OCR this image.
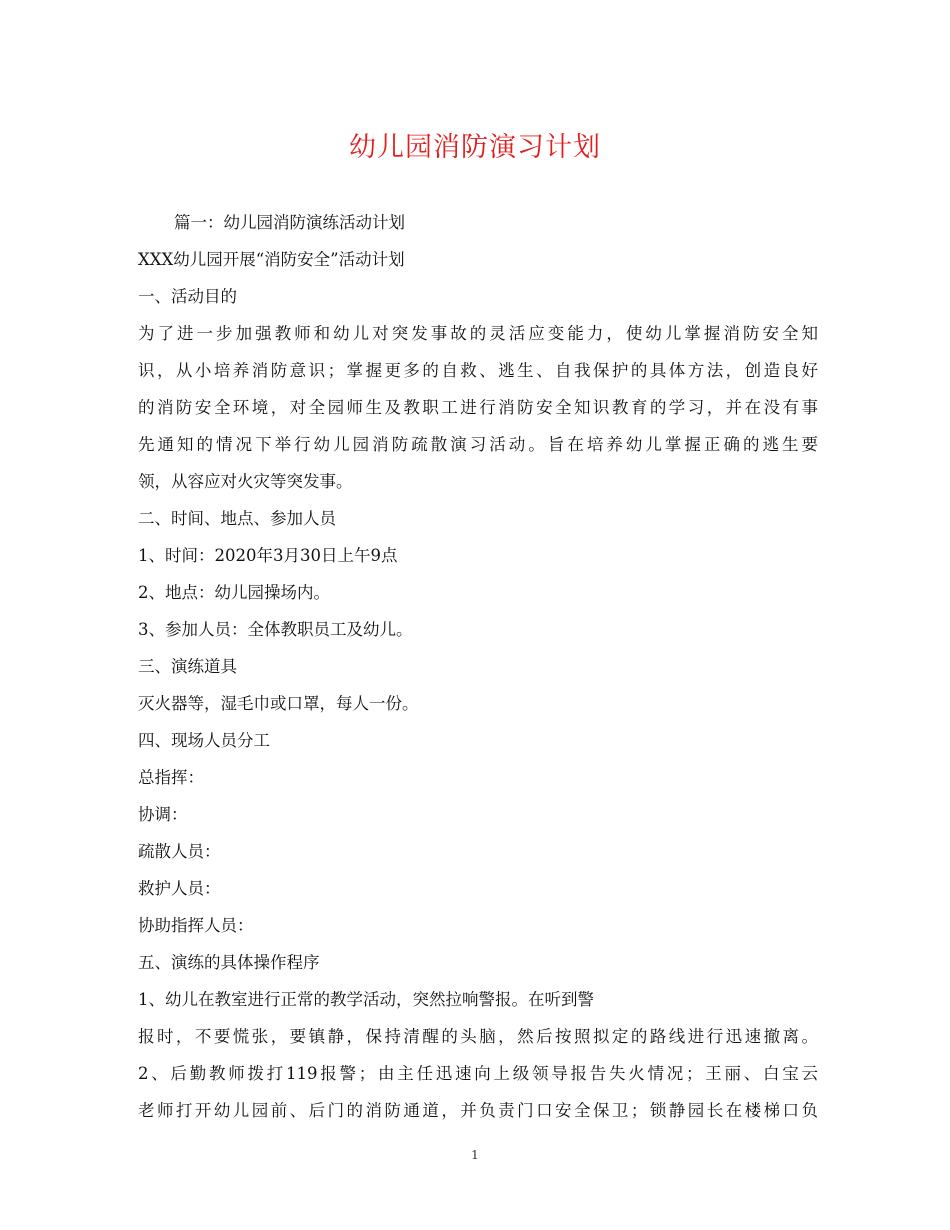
幼儿园消防演习计划
篇一：幼儿园消防演练活动计划
XXX幼儿园开展“消防安全”活动计划
一、活动目的
为了进一步加强教师和幼儿对突发事故的灵活应变能力，使幼儿掌握消防安全知
识，从小培养消防意识；掌握更多的自救、逃生、自我保护的具体方法，创造良好
的消防安全环境，对全园师生及教职工进行消防安全知识教育的学习，并在没有事
先通知的情况下举行幼儿园消防疏散演习活动。旨在培养幼儿掌握正确的逃生要
领，从容应对火灾等突发事。
二、时间、地点、参加人员
1、时间：2020年3月30日上午9点
2、地点：幼儿园操场内。
3、参加人员：全体教职员工及幼儿。
三、演练道具
灭火器等，湿毛巾或口罩，每人一份。
四、现场人员分工
总指挥：
协调：
疏散人员：
救护人员：
协助指挥人员：
五、演练的具体操作程序
1、幼儿在教室进行正常的教学活动，突然拉响警报。在听到警
报时，不要慌张，要镇静，保持清醒的头脑，然后按照拟定的路线进行迅速撤离。
2、后勤教师拨打119报警；由主任迅速向上级领导报告失火情况；王丽、白宝云
老师打开幼儿园前、后门的消防通道，并负责门口安全保卫；锁静园长在楼梯口负
1
